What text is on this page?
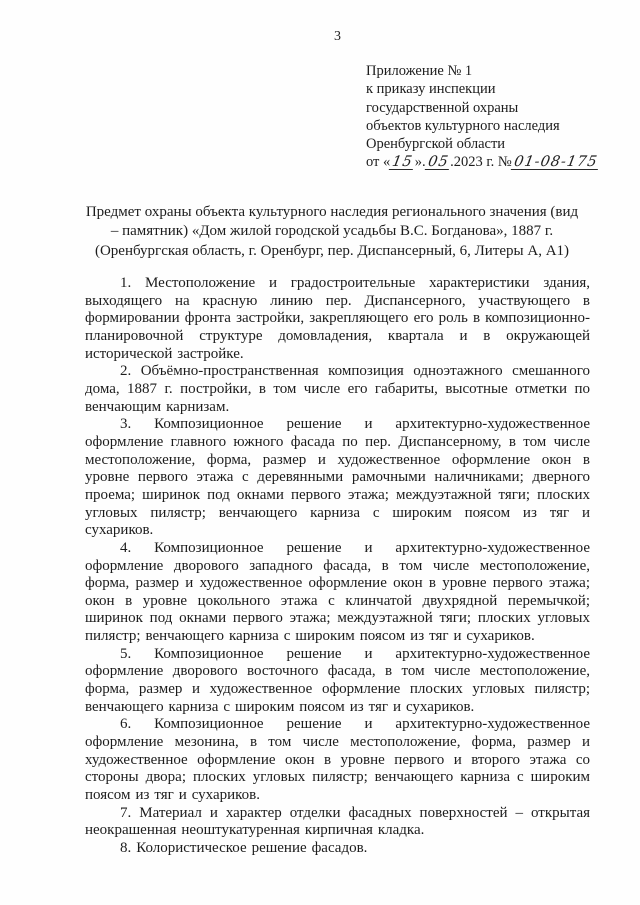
3
Приложение № 1
к приказу инспекции
государственной охраны
объектов культурного наследия
Оренбургской области
от «15».05.2023 г. №01-08-175
Предмет охраны объекта культурного наследия регионального значения (вид
– памятник) «Дом жилой городской усадьбы В.С. Богданова», 1887 г.
(Оренбургская область, г. Оренбург, пер. Диспансерный, 6, Литеры А, А1)

1. Местоположение и градостроительные характеристики здания, выходящего на красную линию пер. Диспансерного, участвующего в формировании фронта застройки, закрепляющего его роль в композиционно-планировочной структуре домовладения, квартала и в окружающей исторической застройке.

2. Объёмно-пространственная композиция одноэтажного смешанного дома, 1887 г. постройки, в том числе его габариты, высотные отметки по венчающим карнизам.

3. Композиционное решение и архитектурно-художественное оформление главного южного фасада по пер. Диспансерному, в том числе местоположение, форма, размер и художественное оформление окон в уровне первого этажа с деревянными рамочными наличниками; дверного проема; ширинок под окнами первого этажа; междуэтажной тяги; плоских угловых пилястр; венчающего карниза с широким поясом из тяг и сухариков.

4. Композиционное решение и архитектурно-художественное оформление дворового западного фасада, в том числе местоположение, форма, размер и художественное оформление окон в уровне первого этажа; окон в уровне цокольного этажа с клинчатой двухрядной перемычкой; ширинок под окнами первого этажа; междуэтажной тяги; плоских угловых пилястр; венчающего карниза с широким поясом из тяг и сухариков.

5. Композиционное решение и архитектурно-художественное оформление дворового восточного фасада, в том числе местоположение, форма, размер и художественное оформление плоских угловых пилястр; венчающего карниза с широким поясом из тяг и сухариков.

6. Композиционное решение и архитектурно-художественное оформление мезонина, в том числе местоположение, форма, размер и художественное оформление окон в уровне первого и второго этажа со стороны двора; плоских угловых пилястр; венчающего карниза с широким поясом из тяг и сухариков.

7. Материал и характер отделки фасадных поверхностей – открытая неокрашенная неоштукатуренная кирпичная кладка.

8. Колористическое решение фасадов.
